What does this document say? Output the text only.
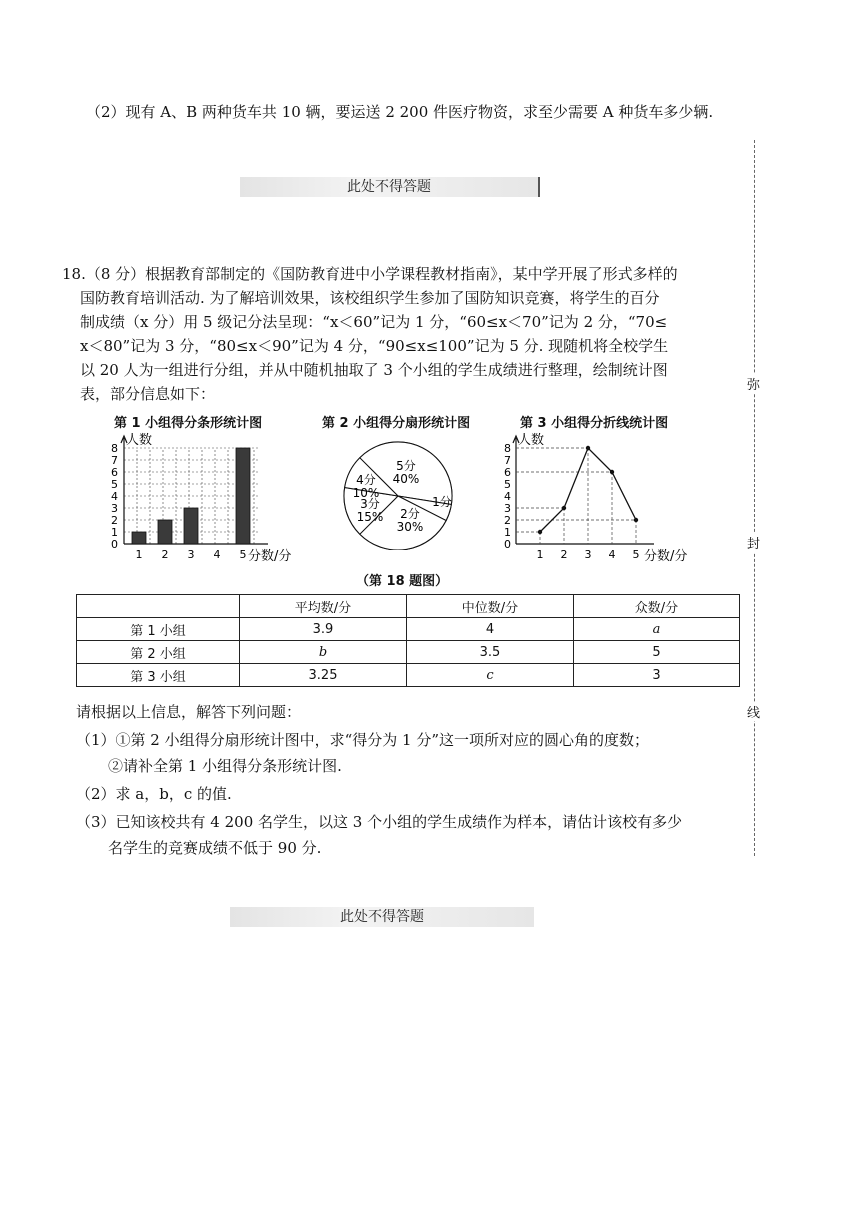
（2）现有 A、B 两种货车共 10 辆，要运送 2 200 件医疗物资，求至少需要 A 种货车多少辆.
此处不得答题
此处不得答题
弥
封
线
18.（8 分）根据教育部制定的《国防教育进中小学课程教材指南》，某中学开展了形式多样的
国防教育培训活动. 为了解培训效果，该校组织学生参加了国防知识竞赛，将学生的百分
制成绩（x 分）用 5 级记分法呈现：“x＜60”记为 1 分，“60≤x＜70”记为 2 分，“70≤
x＜80”记为 3 分，“80≤x＜90”记为 4 分，“90≤x≤100”记为 5 分. 现随机将全校学生
以 20 人为一组进行分组，并从中随机抽取了 3 个小组的学生成绩进行整理，绘制统计图
表，部分信息如下：
第 1 小组得分条形统计图	第 2 小组得分扇形统计图	第 3 小组得分折线统计图
0
1
2
3
4
5
6
7
8
1 2 3 4 5
人数
分数/分
5分
40%
1分
2分
30%
3分
15%
4分
10%
0
1
2
3
4
5
6
7
8
1 2 3 4 5
人数
分数/分
（第 18 题图）
	平均数/分	中位数/分	众数/分
第 1 小组	3.9	4	a
第 2 小组	b	3.5	5
第 3 小组	3.25	c	3
请根据以上信息，解答下列问题：
（1）①第 2 小组得分扇形统计图中，求“得分为 1 分”这一项所对应的圆心角的度数；
②请补全第 1 小组得分条形统计图.
（2）求 a，b，c 的值.
（3）已知该校共有 4 200 名学生，以这 3 个小组的学生成绩作为样本，请估计该校有多少
名学生的竞赛成绩不低于 90 分.
